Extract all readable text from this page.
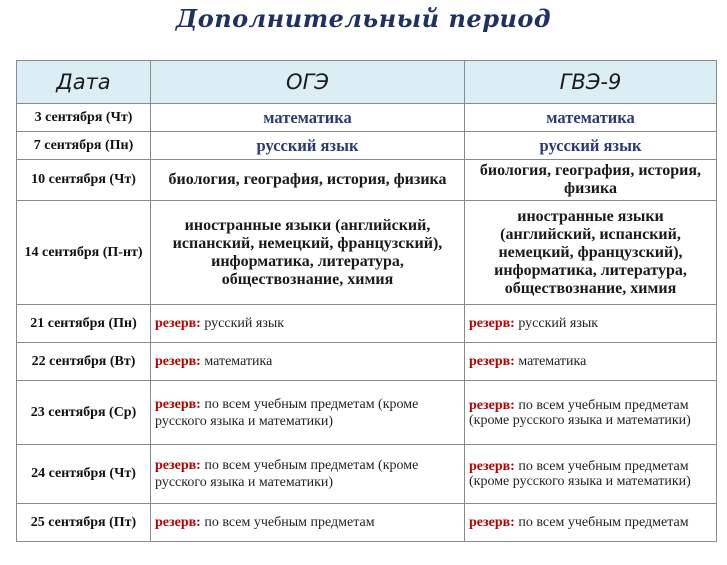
Дополнительный период
Дата	ОГЭ	ГВЭ-9
3 сентября (Чт)	математика	математика
7 сентября (Пн)	русский язык	русский язык
10 сентября (Чт)	биология, география, история, физика	биология, география, история, физика
14 сентября (П-нт)	иностранные языки (английский, испанский, немецкий, французский), информатика, литература, обществознание, химия	иностранные языки (английский, испанский, немецкий, французский), информатика, литература, обществознание, химия
21 сентября (Пн)	резерв: русский язык	резерв: русский язык
22 сентября (Вт)	резерв: математика	резерв: математика
23 сентября (Ср)	резерв: по всем учебным предметам (кроме русского языка и математики)	резерв: по всем учебным предметам (кроме русского языка и математики)
24 сентября (Чт)	резерв: по всем учебным предметам (кроме русского языка и математики)	резерв: по всем учебным предметам (кроме русского языка и математики)
25 сентября (Пт)	резерв: по всем учебным предметам	резерв: по всем учебным предметам
